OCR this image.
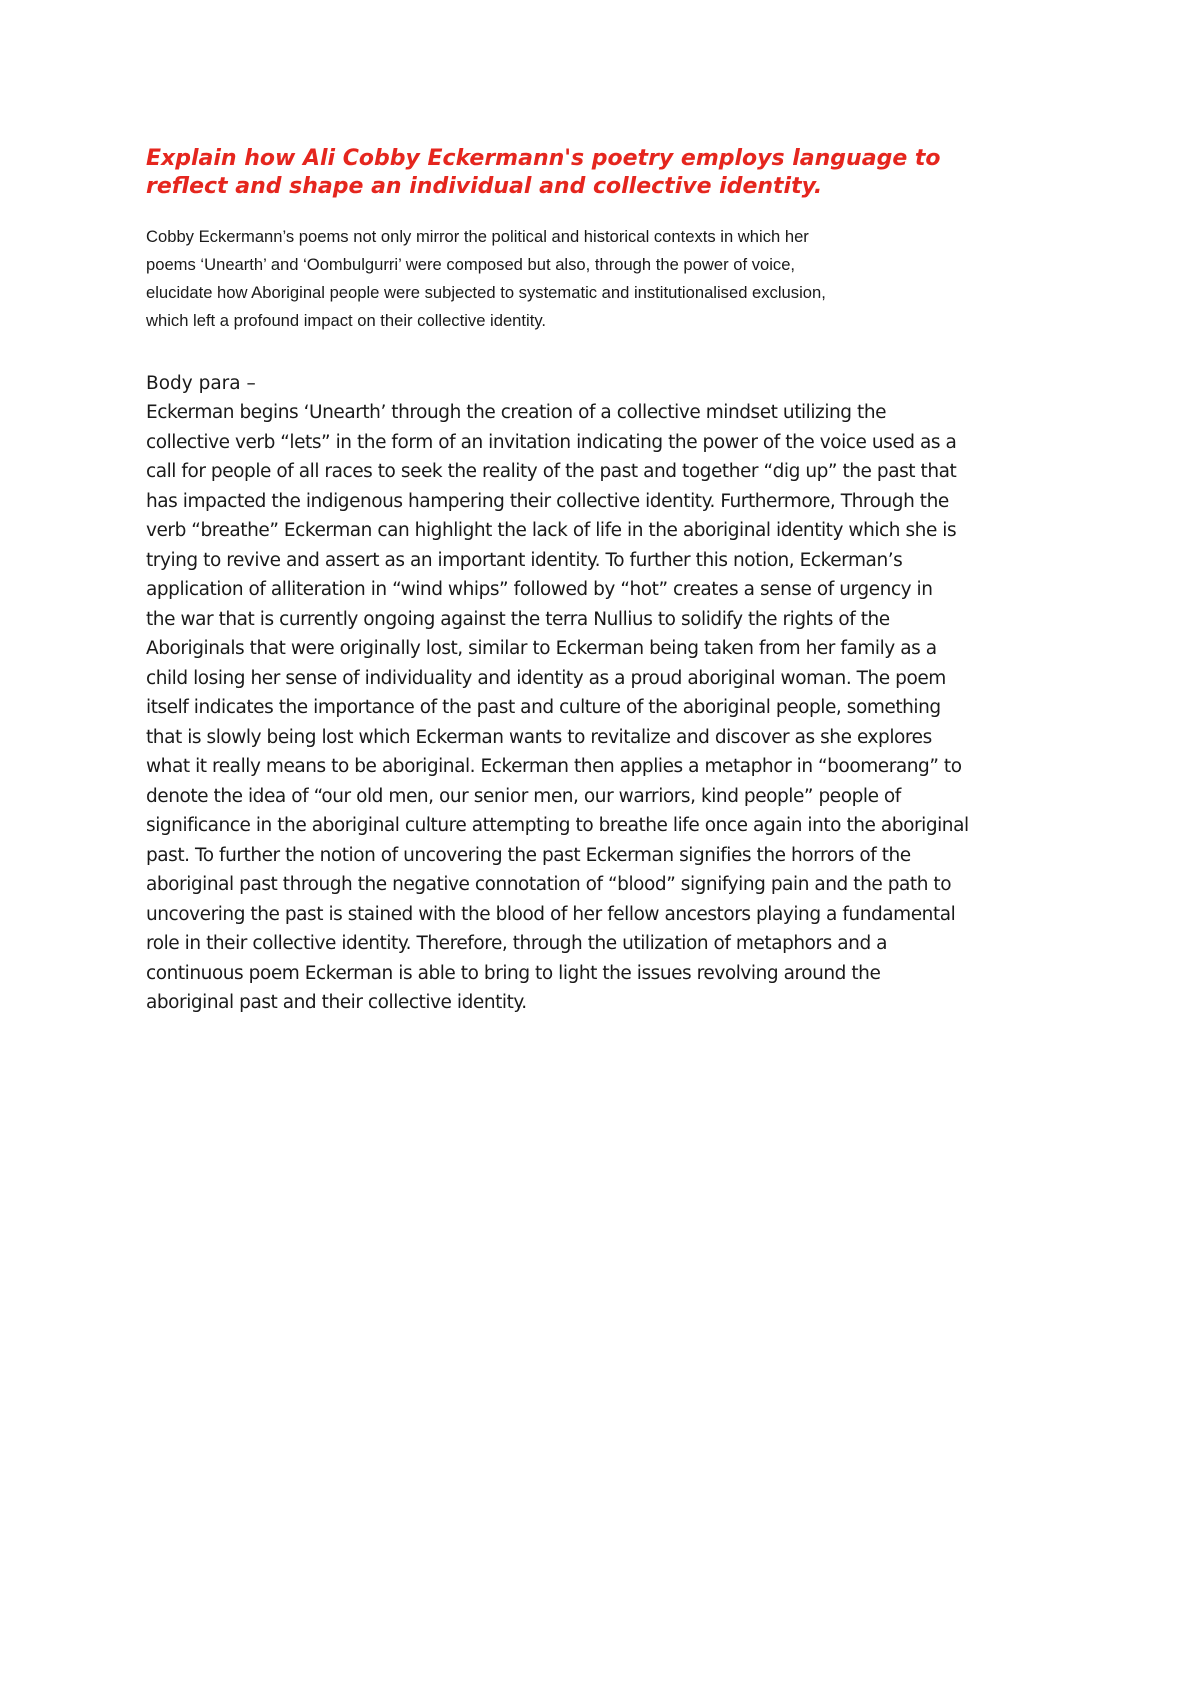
Explain how Ali Cobby Eckermann's poetry employs language to
reflect and shape an individual and collective identity.

Cobby Eckermann’s poems not only mirror the political and historical contexts in which her
poems ‘Unearth’ and ‘Oombulgurri’ were composed but also, through the power of voice,
elucidate how Aboriginal people were subjected to systematic and institutionalised exclusion,
which left a profound impact on their collective identity.

Body para –

Eckerman begins ‘Unearth’ through the creation of a collective mindset utilizing the
collective verb “lets” in the form of an invitation indicating the power of the voice used as a
call for people of all races to seek the reality of the past and together “dig up” the past that
has impacted the indigenous hampering their collective identity. Furthermore, Through the
verb “breathe” Eckerman can highlight the lack of life in the aboriginal identity which she is
trying to revive and assert as an important identity. To further this notion, Eckerman’s
application of alliteration in “wind whips” followed by “hot” creates a sense of urgency in
the war that is currently ongoing against the terra Nullius to solidify the rights of the
Aboriginals that were originally lost, similar to Eckerman being taken from her family as a
child losing her sense of individuality and identity as a proud aboriginal woman. The poem
itself indicates the importance of the past and culture of the aboriginal people, something
that is slowly being lost which Eckerman wants to revitalize and discover as she explores
what it really means to be aboriginal. Eckerman then applies a metaphor in “boomerang” to
denote the idea of “our old men, our senior men, our warriors, kind people” people of
significance in the aboriginal culture attempting to breathe life once again into the aboriginal
past. To further the notion of uncovering the past Eckerman signifies the horrors of the
aboriginal past through the negative connotation of “blood” signifying pain and the path to
uncovering the past is stained with the blood of her fellow ancestors playing a fundamental
role in their collective identity. Therefore, through the utilization of metaphors and a
continuous poem Eckerman is able to bring to light the issues revolving around the
aboriginal past and their collective identity.
